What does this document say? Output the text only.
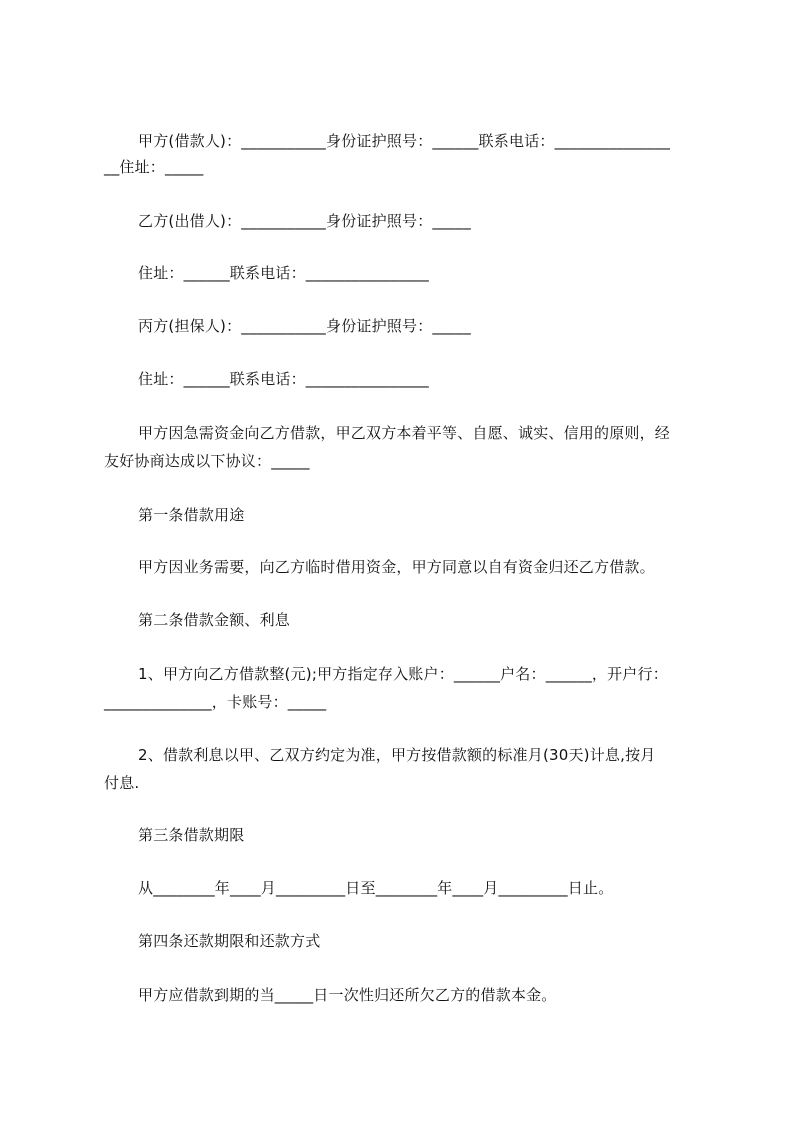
甲方(借款人)：___________身份证护照号：______联系电话：_______________
__住址：_____
乙方(出借人)：___________身份证护照号：_____
住址：______联系电话：________________
丙方(担保人)：___________身份证护照号：_____
住址：______联系电话：________________
甲方因急需资金向乙方借款，甲乙双方本着平等、自愿、诚实、信用的原则，经
友好协商达成以下协议：_____
第一条借款用途
甲方因业务需要，向乙方临时借用资金，甲方同意以自有资金归还乙方借款。
第二条借款金额、利息
1、甲方向乙方借款整(元);甲方指定存入账户：______户名：______，开户行：
______________，卡账号：_____
2、借款利息以甲、乙双方约定为准，甲方按借款额的标准月(30天)计息,按月
付息.
第三条借款期限
从________年____月_________日至________年____月_________日止。
第四条还款期限和还款方式
甲方应借款到期的当_____日一次性归还所欠乙方的借款本金。
